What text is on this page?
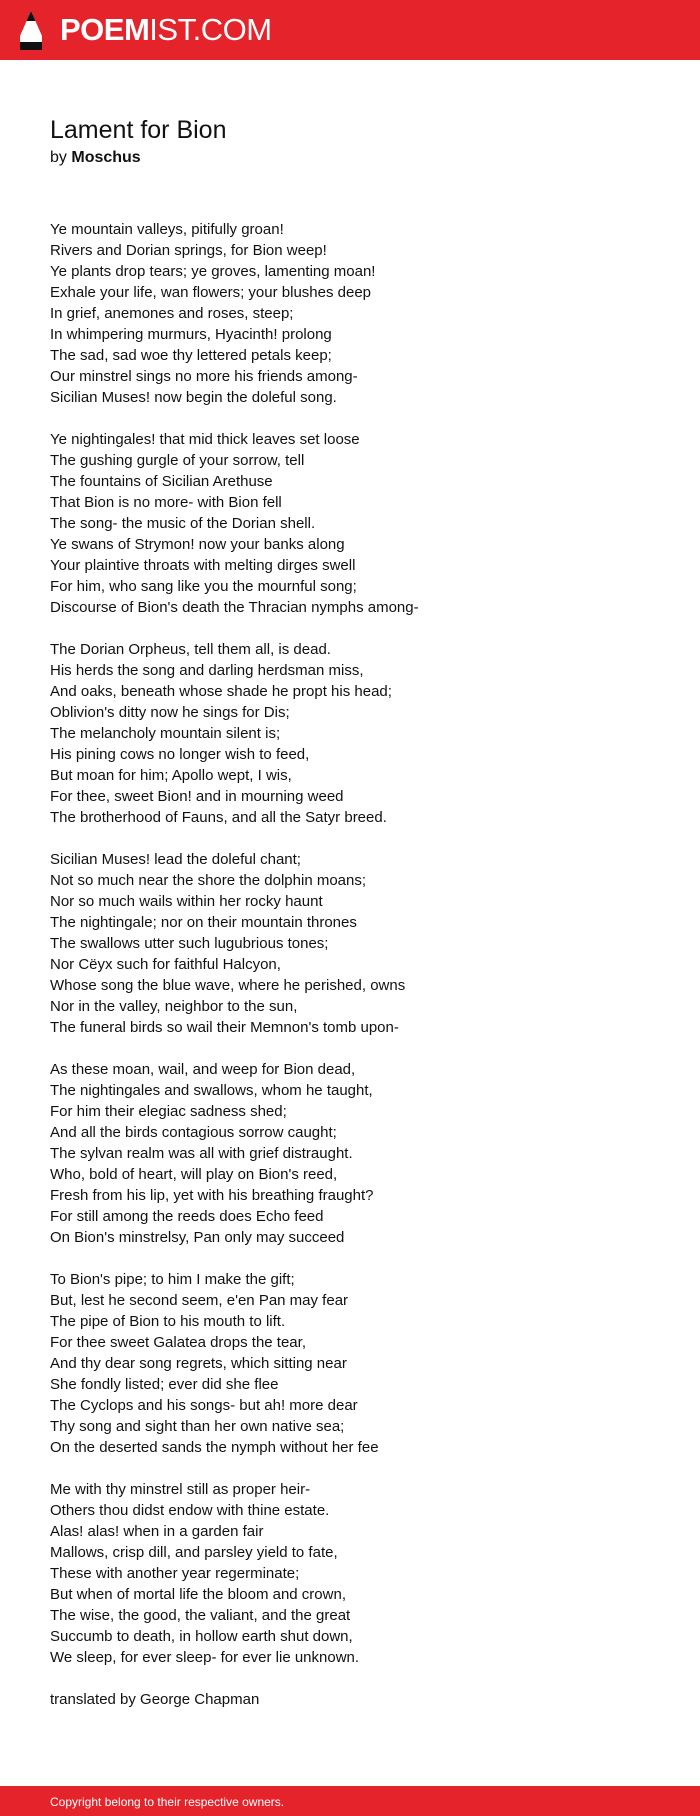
POEMIST.COM
Lament for Bion
by Moschus
Ye mountain valleys, pitifully groan!
Rivers and Dorian springs, for Bion weep!
Ye plants drop tears; ye groves, lamenting moan!
Exhale your life, wan flowers; your blushes deep
In grief, anemones and roses, steep;
In whimpering murmurs, Hyacinth! prolong
The sad, sad woe thy lettered petals keep;
Our minstrel sings no more his friends among-
Sicilian Muses! now begin the doleful song.
Ye nightingales! that mid thick leaves set loose
The gushing gurgle of your sorrow, tell
The fountains of Sicilian Arethuse
That Bion is no more- with Bion fell
The song- the music of the Dorian shell.
Ye swans of Strymon! now your banks along
Your plaintive throats with melting dirges swell
For him, who sang like you the mournful song;
Discourse of Bion's death the Thracian nymphs among-
The Dorian Orpheus, tell them all, is dead.
His herds the song and darling herdsman miss,
And oaks, beneath whose shade he propt his head;
Oblivion's ditty now he sings for Dis;
The melancholy mountain silent is;
His pining cows no longer wish to feed,
But moan for him; Apollo wept, I wis,
For thee, sweet Bion! and in mourning weed
The brotherhood of Fauns, and all the Satyr breed.
Sicilian Muses! lead the doleful chant;
Not so much near the shore the dolphin moans;
Nor so much wails within her rocky haunt
The nightingale; nor on their mountain thrones
The swallows utter such lugubrious tones;
Nor Cëyx such for faithful Halcyon,
Whose song the blue wave, where he perished, owns
Nor in the valley, neighbor to the sun,
The funeral birds so wail their Memnon's tomb upon-
As these moan, wail, and weep for Bion dead,
The nightingales and swallows, whom he taught,
For him their elegiac sadness shed;
And all the birds contagious sorrow caught;
The sylvan realm was all with grief distraught.
Who, bold of heart, will play on Bion's reed,
Fresh from his lip, yet with his breathing fraught?
For still among the reeds does Echo feed
On Bion's minstrelsy, Pan only may succeed
To Bion's pipe; to him I make the gift;
But, lest he second seem, e'en Pan may fear
The pipe of Bion to his mouth to lift.
For thee sweet Galatea drops the tear,
And thy dear song regrets, which sitting near
She fondly listed; ever did she flee
The Cyclops and his songs- but ah! more dear
Thy song and sight than her own native sea;
On the deserted sands the nymph without her fee
Me with thy minstrel still as proper heir-
Others thou didst endow with thine estate.
Alas! alas! when in a garden fair
Mallows, crisp dill, and parsley yield to fate,
These with another year regerminate;
But when of mortal life the bloom and crown,
The wise, the good, the valiant, and the great
Succumb to death, in hollow earth shut down,
We sleep, for ever sleep- for ever lie unknown.
translated by George Chapman
Copyright belong to their respective owners.
